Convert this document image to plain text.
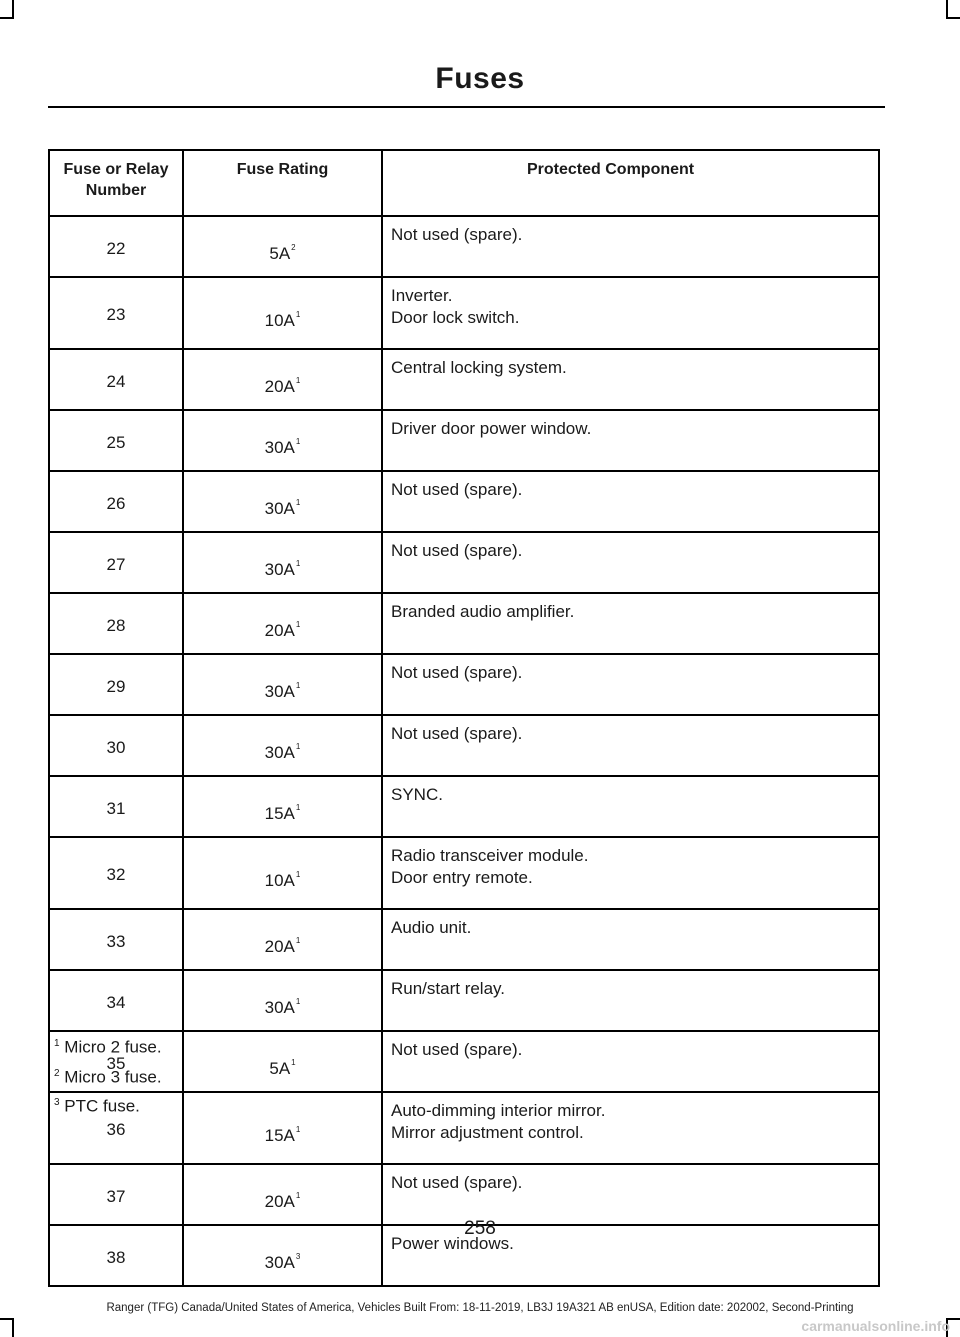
Fuses
Fuse or Relay Number	Fuse Rating	Protected Component
22	$5A^2$	Not used (spare).

23	$10A^1$	Inverter.
Door lock switch.

24	$20A^1$	Central locking system.

25	$30A^1$	Driver door power window.

26	$30A^1$	Not used (spare).

27	$30A^1$	Not used (spare).

28	$20A^1$	Branded audio amplifier.

29	$30A^1$	Not used (spare).

30	$30A^1$	Not used (spare).

31	$15A^1$	SYNC.

32	$10A^1$	Radio transceiver module.
Door entry remote.

33	$20A^1$	Audio unit.

34	$30A^1$	Run/start relay.

35	$5A^1$	Not used (spare).

36	$15A^1$	Auto-dimming interior mirror.
Mirror adjustment control.

37	$20A^1$	Not used (spare).

38	$30A^3$	Power windows.
$^1$ Micro 2 fuse.
$^2$ Micro 3 fuse.
$^3$ PTC fuse.
258
Ranger (TFG) Canada/United States of America, Vehicles Built From: 18-11-2019, LB3J 19A321 AB enUSA, Edition date: 202002, Second-Printing
carmanualsonline.info
